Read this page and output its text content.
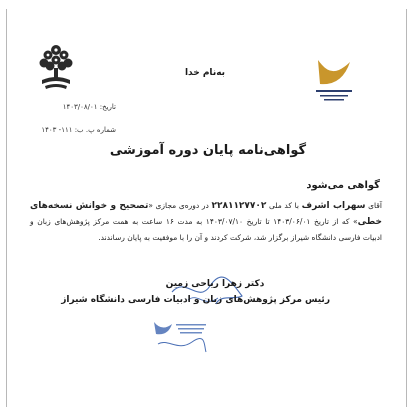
به‌نام خدا
تاریخ: ۱۴۰۳/۰۸/۰۱
شماره پ. ب: ۱۱۱- ۱۴۰۳
گواهی‌نامه پایان دوره آموزشی
گواهی می‌شود
آقای سهراب اشرف با کد ملی ۲۲۸۱۱۲۷۷۰۲ در دوره‌ی مجازی «تصحیح و خوانش نسخه‌های خطی» که از تاریخ ۱۴۰۳/۰۶/۰۱ تا تاریخ ۱۴۰۳/۰۷/۱۰ به مدت ۱۶ ساعت به همت مرکز پژوهش‌های زبان و ادبیات فارسی دانشگاه شیراز برگزار شد، شرکت کردند و آن را با موفقیت به پایان رساندند.
دکتر زهرا ریاحی زمین
رئیس مرکز پژوهش‌های زبان و ادبیات فارسی دانشگاه شیراز
